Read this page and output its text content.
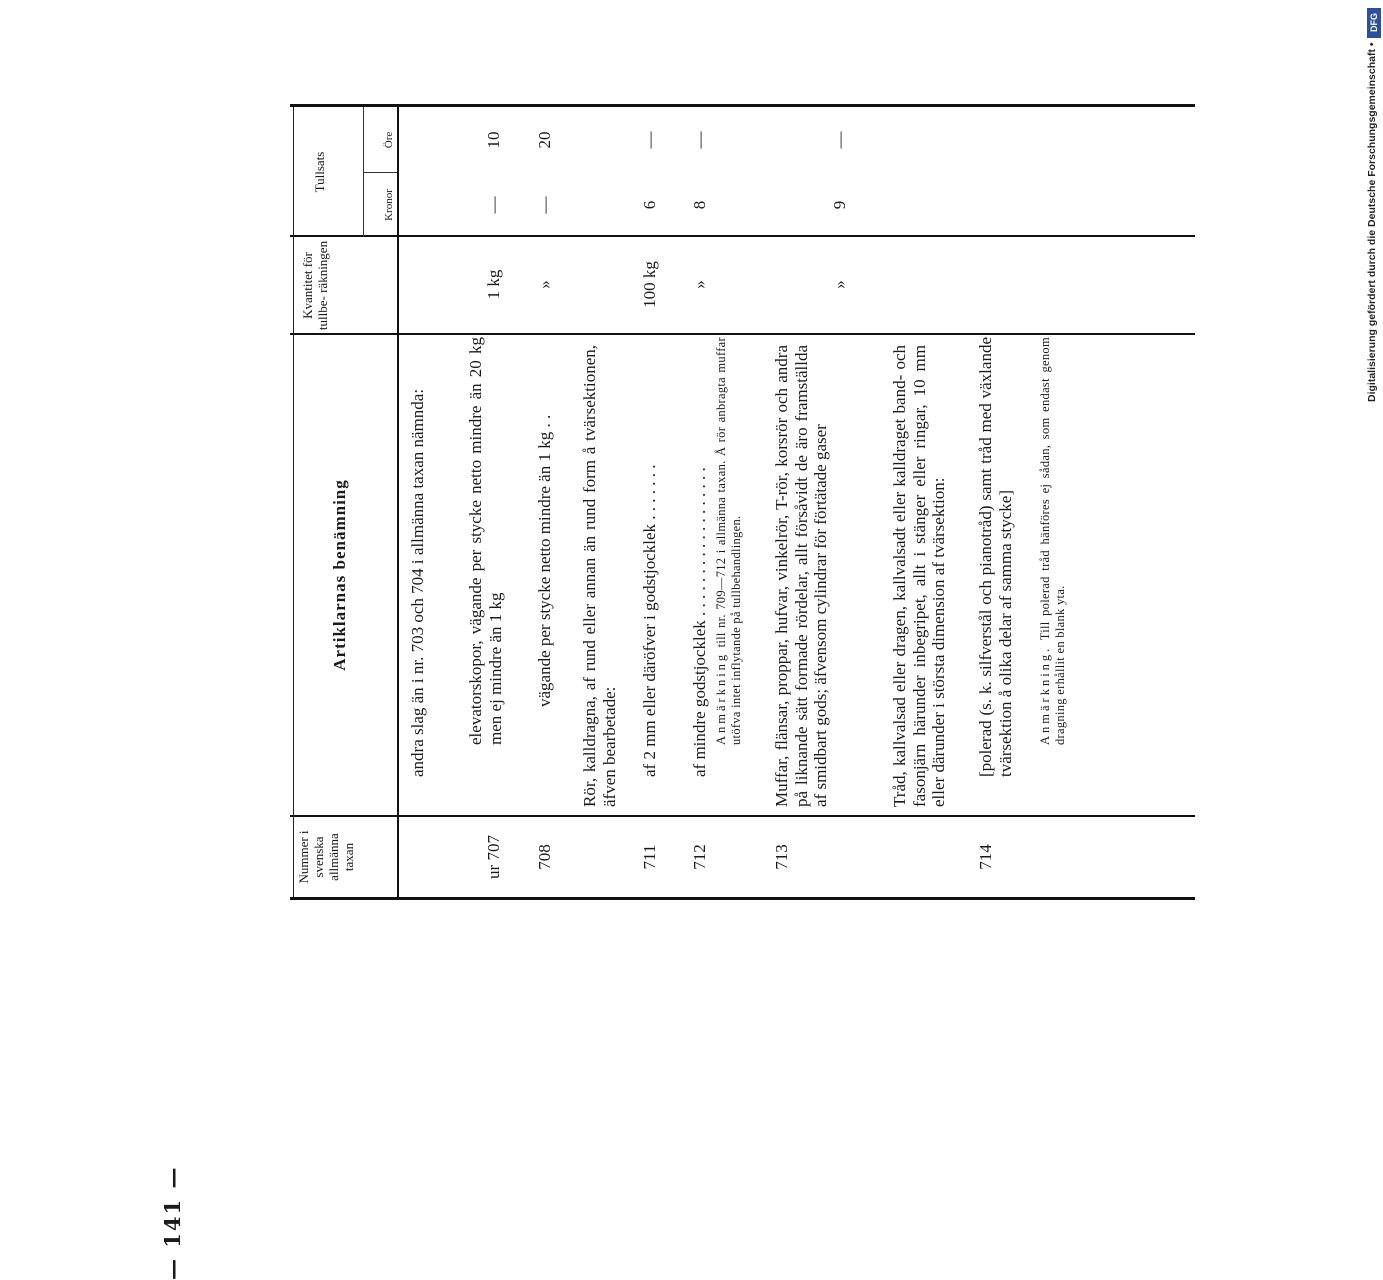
— 141 —
Nummer i svenska allmänna taxan
Artiklarnas benämning
Kvantitet för tullbe- räkningen
Tullsats
Kronor
Öre
andra slag än i nr. 703 och 704 i allmänna taxan nämnda:
ur 707
elevatorskopor, vägande per stycke netto mindre än 20 kg men ej mindre än 1 kg
1 kg
—
10
708
vägande per stycke netto mindre än 1 kg . .
»
—
20
Rör, kalldragna, af rund eller annan än rund form å tvärsektionen, äfven bearbetade:
711
af 2 mm eller däröfver i godstjocklek . . . . . . .
100 kg
6
—
712
af mindre godstjocklek . . . . . . . . . . . . . . . . . .
»
8
—
Anmärkning till nr. 709—712 i allmänna taxan. Å rör anbragta muffar utöfva intet inflytande på tullbehandlingen.
713
Muffar, flänsar, proppar, hufvar, vinkelrör, T-rör, korsrör och andra på liknande sätt formade rördelar, allt försåvidt de äro framställda af smidbart gods; äfvensom cylindrar för förtätade gaser
»
9
—
Tråd, kallvalsad eller dragen, kallvalsadt eller kalldraget band- och fasonjärn härunder inbegripet, allt i stänger eller ringar, 10 mm eller därunder i största dimension af tvärsektion:
714
[polerad (s. k. silfverstål och pianotråd) samt tråd med växlande tvärsektion å olika delar af samma stycke] Anmärkning. Till polerad tråd hänföres ej sådan, som endast genom dragning erhållit en blank yta.
DFG
Digitalisierung gefördert durch die Deutsche Forschungsgemeinschaft •
